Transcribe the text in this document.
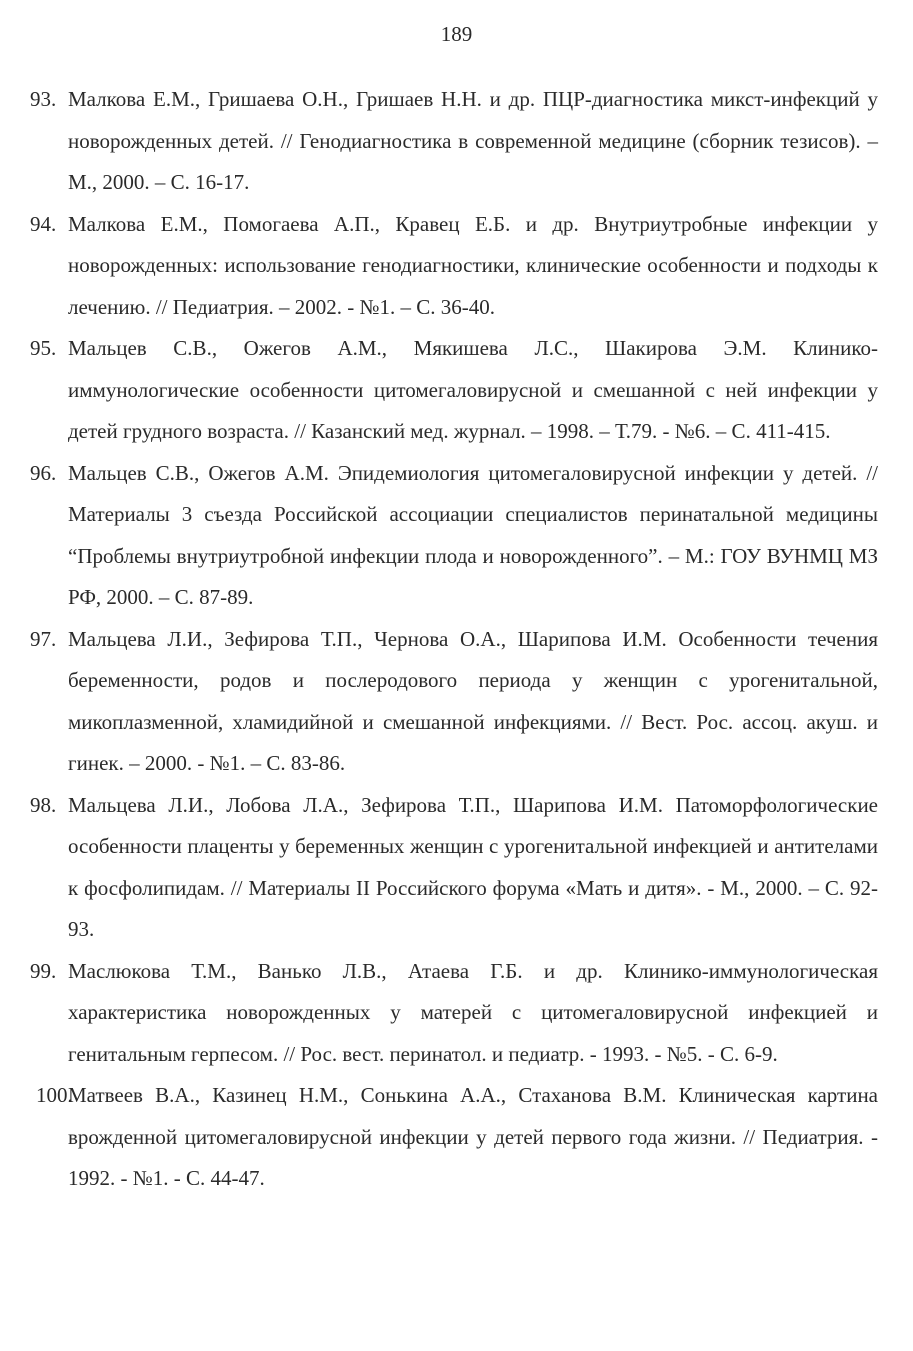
189
93. Малкова Е.М., Гришаева О.Н., Гришаев Н.Н. и др. ПЦР-диагностика микст-инфекций у новорожденных детей. // Генодиагностика в современной медицине (сборник тезисов). – М., 2000. – С. 16-17.
94. Малкова Е.М., Помогаева А.П., Кравец Е.Б. и др. Внутриутробные инфекции у новорожденных: использование генодиагностики, клинические особенности и подходы к лечению. // Педиатрия. – 2002. - №1. – С. 36-40.
95. Мальцев С.В., Ожегов А.М., Мякишева Л.С., Шакирова Э.М. Клинико-иммунологические особенности цитомегаловирусной и смешанной с ней инфекции у детей грудного возраста. // Казанский мед. журнал. – 1998. – Т.79. - №6. – С. 411-415.
96. Мальцев С.В., Ожегов А.М. Эпидемиология цитомегаловирусной инфекции у детей. // Материалы 3 съезда Российской ассоциации специалистов перинатальной медицины “Проблемы внутриутробной инфекции плода и новорожденного”. – М.: ГОУ ВУНМЦ МЗ РФ, 2000. – С. 87-89.
97. Мальцева Л.И., Зефирова Т.П., Чернова О.А., Шарипова И.М. Особенности течения беременности, родов и послеродового периода у женщин с урогенитальной, микоплазменной, хламидийной и смешанной инфекциями. // Вест. Рос. ассоц. акуш. и гинек. – 2000. - №1. – С. 83-86.
98. Мальцева Л.И., Лобова Л.А., Зефирова Т.П., Шарипова И.М. Патоморфологические особенности плаценты у беременных женщин с урогенитальной инфекцией и антителами к фосфолипидам. // Материалы II Российского форума «Мать и дитя». - М., 2000. – С. 92-93.
99. Маслюкова Т.М., Ванько Л.В., Атаева Г.Б. и др. Клинико-иммунологическая характеристика новорожденных у матерей с цитомегаловирусной инфекцией и генитальным герпесом. // Рос. вест. перинатол. и педиатр. - 1993. - №5. - С. 6-9.
100.
Матвеев В.А., Казинец Н.М., Сонькина А.А., Стаханова В.М. Клиническая картина врожденной цитомегаловирусной инфекции у детей первого года жизни. // Педиатрия. - 1992. - №1. - С. 44-47.
